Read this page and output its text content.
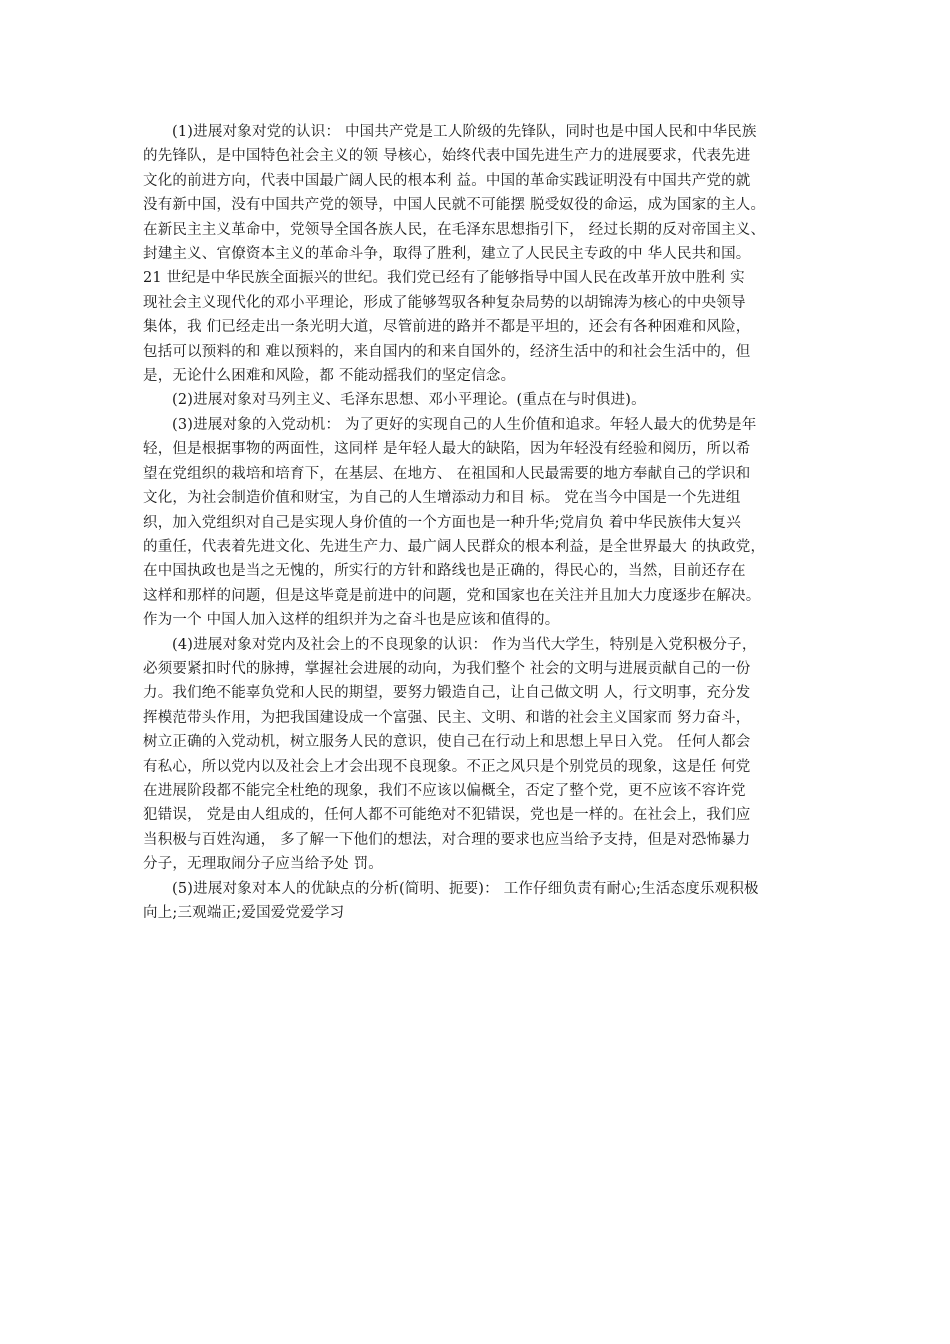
(1)进展对象对党的认识： 中国共产党是工人阶级的先锋队，同时也是中国人民和中华民族
的先锋队，是中国特色社会主义的领 导核心，始终代表中国先进生产力的进展要求，代表先进
文化的前进方向，代表中国最广阔人民的根本利 益。中国的革命实践证明没有中国共产党的就
没有新中国，没有中国共产党的领导，中国人民就不可能摆 脱受奴役的命运，成为国家的主人。
在新民主主义革命中，党领导全国各族人民，在毛泽东思想指引下， 经过长期的反对帝国主义、
封建主义、官僚资本主义的革命斗争，取得了胜利，建立了人民民主专政的中 华人民共和国。
21 世纪是中华民族全面振兴的世纪。我们党已经有了能够指导中国人民在改革开放中胜利 实
现社会主义现代化的邓小平理论，形成了能够驾驭各种复杂局势的以胡锦涛为核心的中央领导
集体，我 们已经走出一条光明大道，尽管前进的路并不都是平坦的，还会有各种困难和风险，
包括可以预料的和 难以预料的，来自国内的和来自国外的，经济生活中的和社会生活中的，但
是，无论什么困难和风险，都 不能动摇我们的坚定信念。
(2)进展对象对马列主义、毛泽东思想、邓小平理论。(重点在与时俱进)。
(3)进展对象的入党动机： 为了更好的实现自己的人生价值和追求。年轻人最大的优势是年
轻，但是根据事物的两面性，这同样 是年轻人最大的缺陷，因为年轻没有经验和阅历，所以希
望在党组织的栽培和培育下，在基层、在地方、 在祖国和人民最需要的地方奉献自己的学识和
文化，为社会制造价值和财宝，为自己的人生增添动力和目 标。 党在当今中国是一个先进组
织，加入党组织对自己是实现人身价值的一个方面也是一种升华;党肩负 着中华民族伟大复兴
的重任，代表着先进文化、先进生产力、最广阔人民群众的根本利益，是全世界最大 的执政党，
在中国执政也是当之无愧的，所实行的方针和路线也是正确的，得民心的，当然，目前还存在
这样和那样的问题，但是这毕竟是前进中的问题，党和国家也在关注并且加大力度逐步在解决。
作为一个 中国人加入这样的组织并为之奋斗也是应该和值得的。
(4)进展对象对党内及社会上的不良现象的认识： 作为当代大学生，特别是入党积极分子，
必须要紧扣时代的脉搏，掌握社会进展的动向，为我们整个 社会的文明与进展贡献自己的一份
力。我们绝不能辜负党和人民的期望，要努力锻造自己，让自己做文明 人，行文明事，充分发
挥模范带头作用，为把我国建设成一个富强、民主、文明、和谐的社会主义国家而 努力奋斗，
树立正确的入党动机，树立服务人民的意识，使自己在行动上和思想上早日入党。 任何人都会
有私心，所以党内以及社会上才会出现不良现象。不正之风只是个别党员的现象，这是任 何党
在进展阶段都不能完全杜绝的现象，我们不应该以偏概全，否定了整个党，更不应该不容许党
犯错误， 党是由人组成的，任何人都不可能绝对不犯错误，党也是一样的。在社会上，我们应
当积极与百姓沟通， 多了解一下他们的想法，对合理的要求也应当给予支持，但是对恐怖暴力
分子，无理取闹分子应当给予处 罚。
(5)进展对象对本人的优缺点的分析(简明、扼要)： 工作仔细负责有耐心;生活态度乐观积极
向上;三观端正;爱国爱党爱学习
